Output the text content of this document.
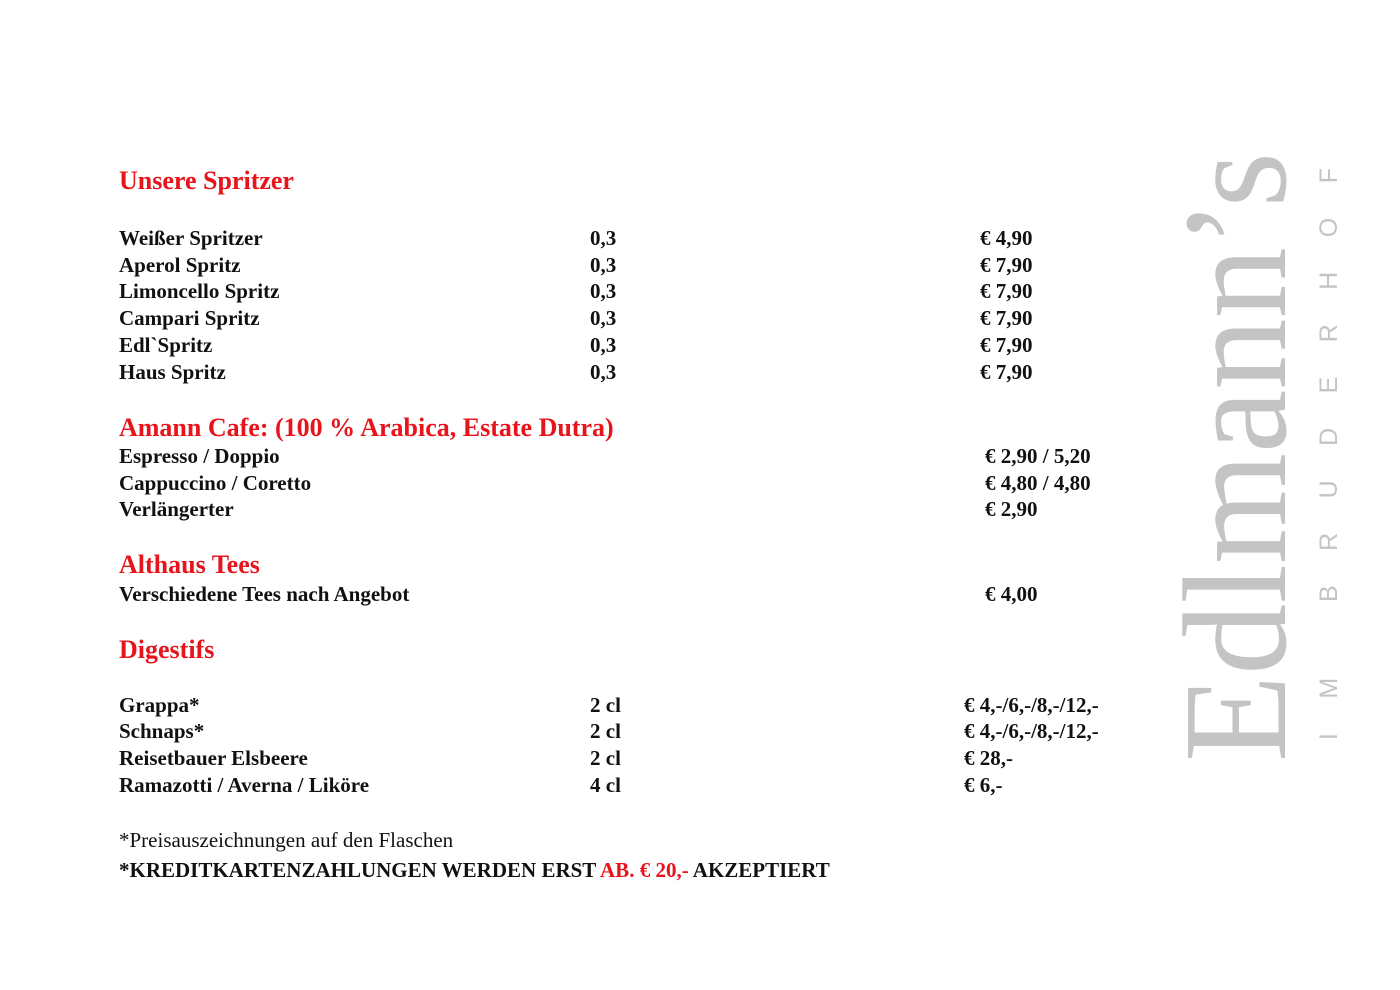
Unsere Spritzer
Weißer Spritzer	0,3	€ 4,90
Aperol Spritz	0,3	€ 7,90
Limoncello Spritz	0,3	€ 7,90
Campari Spritz	0,3	€ 7,90
Edl`Spritz	0,3	€ 7,90
Haus Spritz	0,3	€ 7,90
Amann Cafe: (100 % Arabica, Estate Dutra)
Espresso / Doppio	€ 2,90 / 5,20
Cappuccino / Coretto	€ 4,80 / 4,80
Verlängerter	€ 2,90
Althaus Tees
Verschiedene Tees nach Angebot	€ 4,00
Digestifs
Grappa*	2 cl	€ 4,-/6,-/8,-/12,-
Schnaps*	2 cl	€ 4,-/6,-/8,-/12,-
Reisetbauer Elsbeere	2 cl	€ 28,-
Ramazotti / Averna / Liköre	4 cl	€ 6,-
*Preisauszeichnungen auf den Flaschen
*KREDITKARTENZAHLUNGEN WERDEN ERST AB. € 20,- AKZEPTIERT
Edlmann’s
IM BRUDERHOF
